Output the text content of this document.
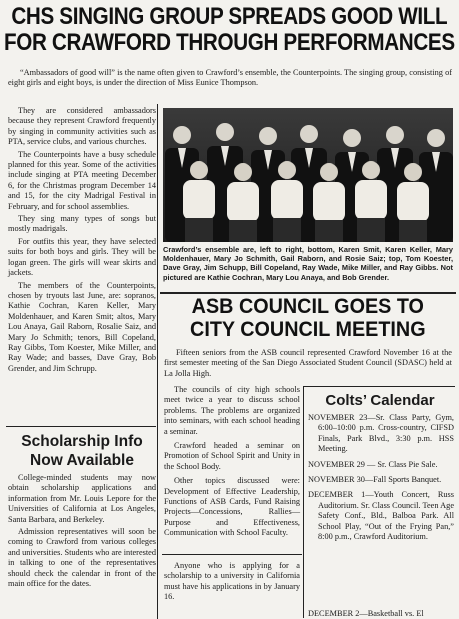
CHS SINGING GROUP SPREADS GOOD WILL
FOR CRAWFORD THROUGH PERFORMANCES

“Ambassadors of good will” is the name often given to Crawford’s ensemble, the Counterpoints. The singing group, consisting of eight girls and eight boys, is under the direction of Miss Eunice Thompson.

They are considered ambassadors because they represent Crawford frequently by singing in community activities such as PTA, service clubs, and various churches.

The Counterpoints have a busy schedule planned for this year. Some of the activities include singing at PTA meeting December 6, for the Christmas program December 14 and 15, for the city Madrigal Festival in February, and for school assemblies.

They sing many types of songs but mostly madrigals.

For outfits this year, they have selected suits for both boys and girls. They will be logan green. The girls will wear skirts and jackets.

The members of the Counterpoints, chosen by tryouts last June, are: sopranos, Kathie Cochran, Karen Keller, Mary Moldenhauer, and Karen Smit; altos, Mary Lou Anaya, Gail Raborn, Rosalie Saiz, and Mary Jo Schmith; tenors, Bill Copeland, Ray Gibbs, Tom Koester, Mike Miller, and Ray Wade; and basses, Dave Gray, Bob Grender, and Jim Schrupp.

Crawford’s ensemble are, left to right, bottom, Karen Smit, Karen Keller, Mary Moldenhauer, Mary Jo Schmith, Gail Raborn, and Rosie Saiz; top, Tom Koester, Dave Gray, Jim Schupp, Bill Copeland, Ray Wade, Mike Miller, and Ray Gibbs. Not pictured are Kathie Cochran, Mary Lou Anaya, and Bob Grender.
ASB COUNCIL GOES TO
CITY COUNCIL MEETING

Fifteen seniors from the ASB council represented Crawford November 16 at the first semester meeting of the San Diego Associated Student Council (SDASC) held at La Jolla High.

The councils of city high schools meet twice a year to discuss school problems. The problems are organized into seminars, with each school heading a seminar.

Crawford headed a seminar on Promotion of School Spirit and Unity in the School Body.

Other topics discussed were: Development of Effective Leadership, Functions of ASB Cards, Fund Raising Projects—Concessions, Rallies—Purpose and Effectiveness, Communication with School Faculty.

Colts’ Calendar

NOVEMBER 23—Sr. Class Party, Gym, 6:00–10:00 p.m. Cross-country, CIFSD Finals, Park Blvd., 3:30 p.m. HSS Meeting.

NOVEMBER 29 — Sr. Class Pie Sale.

NOVEMBER 30—Fall Sports Banquet.

DECEMBER 1—Youth Concert, Russ Auditorium. Sr. Class Council. Teen Age Safety Conf., Bld., Balboa Park. All School Play, “Out of the Frying Pan,” 8:00 p.m., Crawford Auditorium.

DECEMBER 2—Basketball vs. El

Anyone who is applying for a scholarship to a university in California must have his applications in by January 16.

Scholarship Info
Now Available

College-minded students may now obtain scholarship applications and information from Mr. Louis Lepore for the Universities of California at Los Angeles, Santa Barbara, and Berkeley.

Admission representatives will soon be coming to Crawford from various colleges and universities. Students who are interested in talking to one of the representatives should check the calendar in front of the main office for the dates.
